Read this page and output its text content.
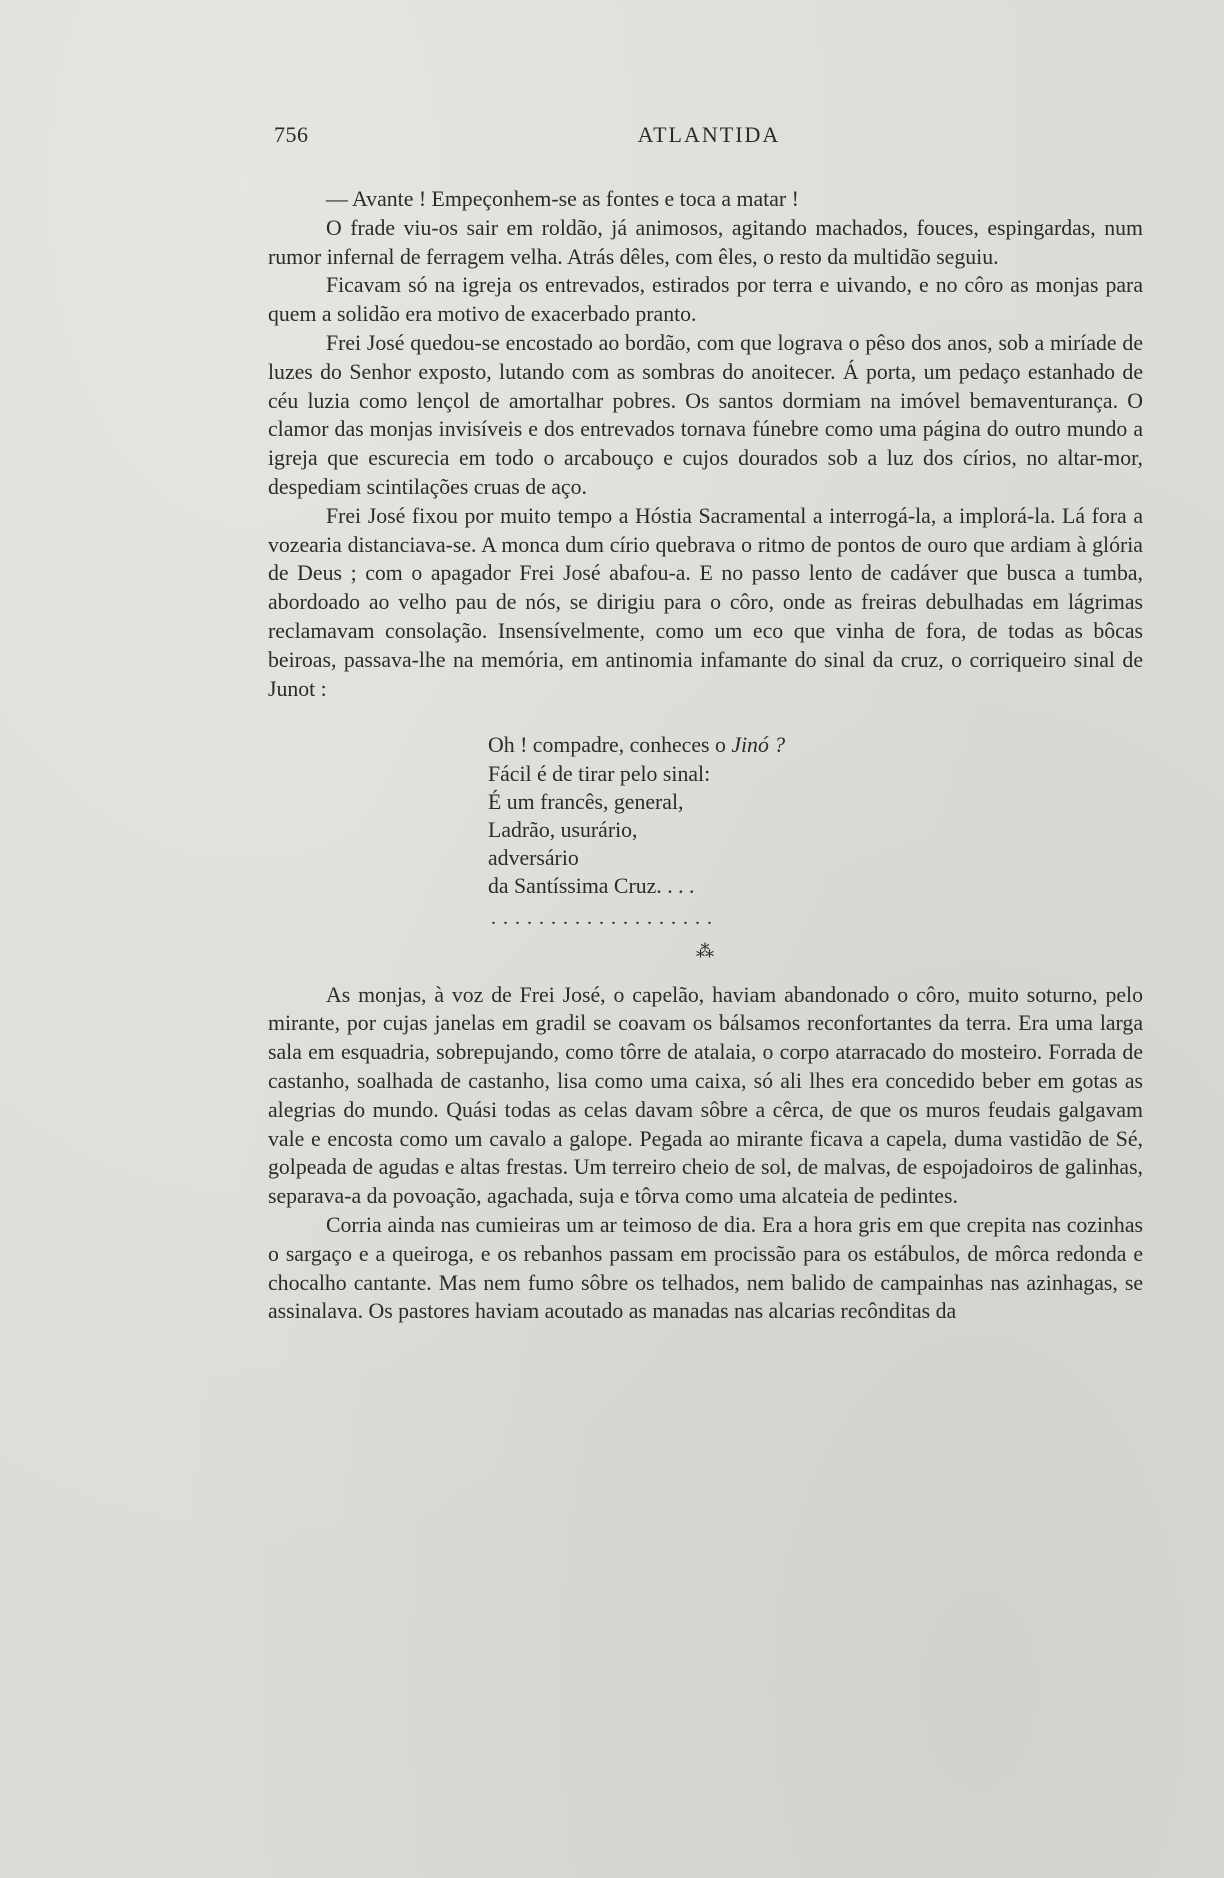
756	ATLANTIDA

— Avante ! Empeçonhem-se as fontes e toca a matar !

O frade viu-os sair em roldão, já animosos, agitando machados, fouces, espingardas, num rumor infernal de ferragem velha. Atrás dêles, com êles, o resto da multidão seguiu.

Ficavam só na igreja os entrevados, estirados por terra e uivando, e no côro as monjas para quem a solidão era motivo de exacerbado pranto.

Frei José quedou-se encostado ao bordão, com que lograva o pêso dos anos, sob a miríade de luzes do Senhor exposto, lutando com as sombras do anoitecer. Á porta, um pedaço estanhado de céu luzia como lençol de amortalhar pobres. Os santos dormiam na imóvel bemaventurança. O clamor das monjas invisíveis e dos entrevados tornava fúnebre como uma página do outro mundo a igreja que escurecia em todo o arcabouço e cujos dourados sob a luz dos círios, no altar-mor, despediam scintilações cruas de aço.

Frei José fixou por muito tempo a Hóstia Sacramental a interrogá-la, a implorá-la. Lá fora a vozearia distanciava-se. A monca dum círio quebrava o ritmo de pontos de ouro que ardiam à glória de Deus ; com o apagador Frei José abafou-a. E no passo lento de cadáver que busca a tumba, abordoado ao velho pau de nós, se dirigiu para o côro, onde as freiras debulhadas em lágrimas reclamavam consolação. Insensívelmente, como um eco que vinha de fora, de todas as bôcas beiroas, passava-lhe na memória, em antinomia infamante do sinal da cruz, o corriqueiro sinal de Junot :

Oh ! compadre, conheces o Jinó ?
Fácil é de tirar pelo sinal:
É um francês, general,
Ladrão, usurário,
adversário
da Santíssima Cruz. . . .
...................
⁂

As monjas, à voz de Frei José, o capelão, haviam abandonado o côro, muito soturno, pelo mirante, por cujas janelas em gradil se coavam os bálsamos reconfortantes da terra. Era uma larga sala em esquadria, sobrepujando, como tôrre de atalaia, o corpo atarracado do mosteiro. Forrada de castanho, soalhada de castanho, lisa como uma caixa, só ali lhes era concedido beber em gotas as alegrias do mundo. Quási todas as celas davam sôbre a cêrca, de que os muros feudais galgavam vale e encosta como um cavalo a galope. Pegada ao mirante ficava a capela, duma vastidão de Sé, golpeada de agudas e altas frestas. Um terreiro cheio de sol, de malvas, de espojadoiros de galinhas, separava-a da povoação, agachada, suja e tôrva como uma alcateia de pedintes.

Corria ainda nas cumieiras um ar teimoso de dia. Era a hora gris em que crepita nas cozinhas o sargaço e a queiroga, e os rebanhos passam em procissão para os estábulos, de môrca redonda e chocalho cantante. Mas nem fumo sôbre os telhados, nem balido de campainhas nas azinhagas, se assinalava. Os pastores haviam acoutado as manadas nas alcarias recônditas da
